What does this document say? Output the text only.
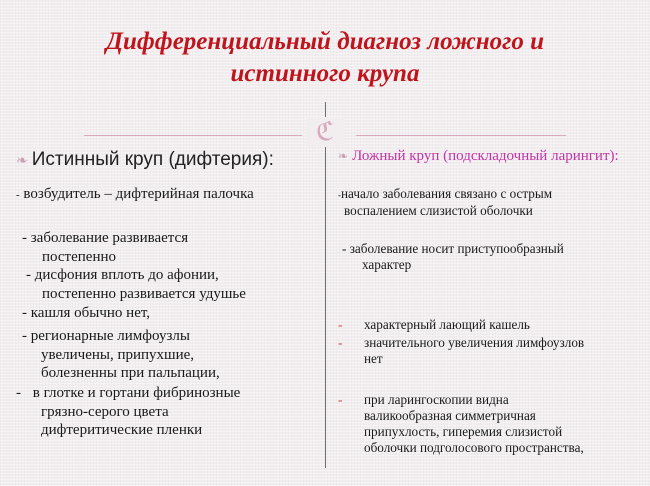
Дифференциальный диагноз ложного и
истинного крупа
ℭ
❧ Истинный круп (дифтерия):
- возбудитель – дифтерийная палочка
- заболевание развивается
постепенно
- дисфония вплоть до афонии,
постепенно развивается удушье
- кашля обычно нет,
- регионарные лимфоузлы
увеличены, припухшие,
болезненны при пальпации,
- в глотке и гортани фибринозные
грязно-серого цвета
дифтеритические пленки
❧ Ложный круп (подскладочный ларингит):
-начало заболевания связано с острым
воспалением слизистой оболочки
- заболевание носит приступообразный
характер
-	характерный лающий кашель
-	значительного увеличения лимфоузлов
нет
-	при ларингоскопии видна
валикообразная симметричная
припухлость, гиперемия слизистой
оболочки подголосового пространства,
